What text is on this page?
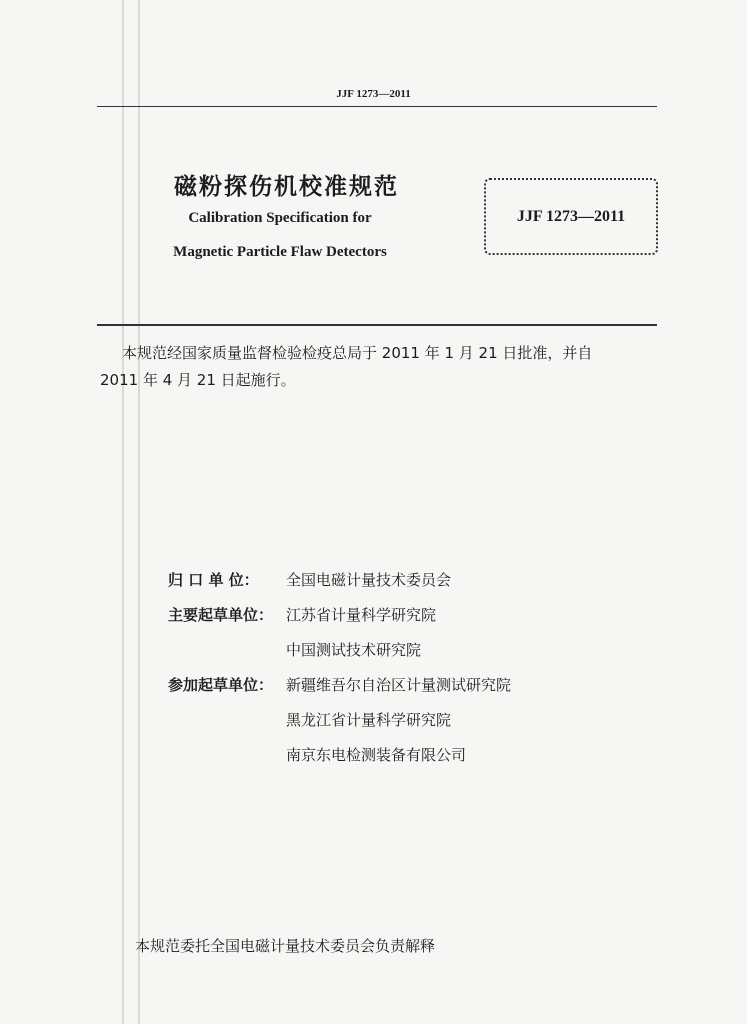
JJF 1273—2011
磁粉探伤机校准规范
Calibration Specification for
Magnetic Particle Flaw Detectors
JJF 1273—2011
本规范经国家质量监督检验检疫总局于 2011 年 1 月 21 日批准，并自
2011 年 4 月 21 日起施行。
归 口 单 位：	全国电磁计量技术委员会
主要起草单位： 江苏省计量科学研究院
中国测试技术研究院
参加起草单位： 新疆维吾尔自治区计量测试研究院
黑龙江省计量科学研究院
南京东电检测装备有限公司
本规范委托全国电磁计量技术委员会负责解释
